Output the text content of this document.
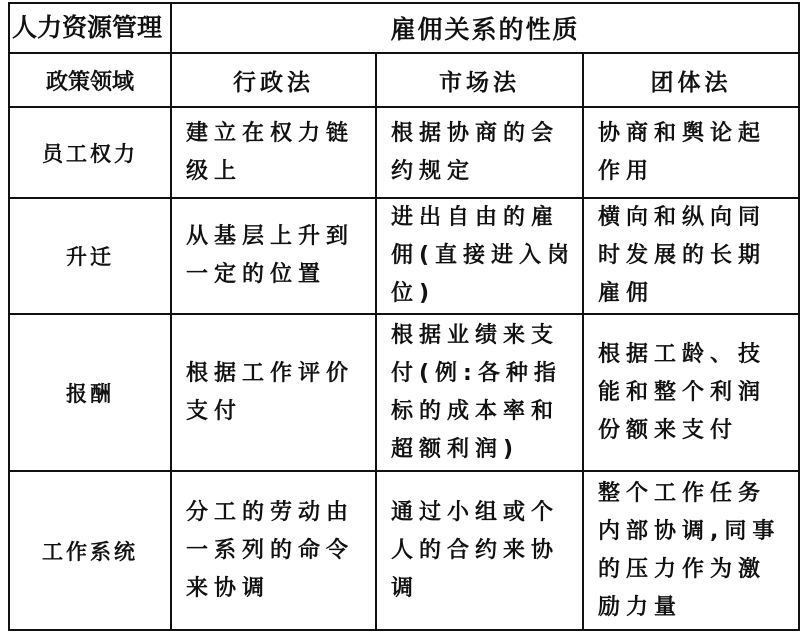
人力资源管理	雇佣关系的性质		
政策领域	行政法	市场法	团体法
员工权力	建立在权力链级上	根据协商的会约规定	协商和舆论起作用
升迁	从基层上升到一定的位置	进出自由的雇佣(直接进入岗位)	横向和纵向同时发展的长期雇佣
报酬	根据工作评价支付	根据业绩来支付(例:各种指标的成本率和超额利润)	根据工龄、技能和整个利润份额来支付
工作系统	分工的劳动由一系列的命令来协调	通过小组或个人的合约来协调	整个工作任务内部协调,同事的压力作为激励力量
